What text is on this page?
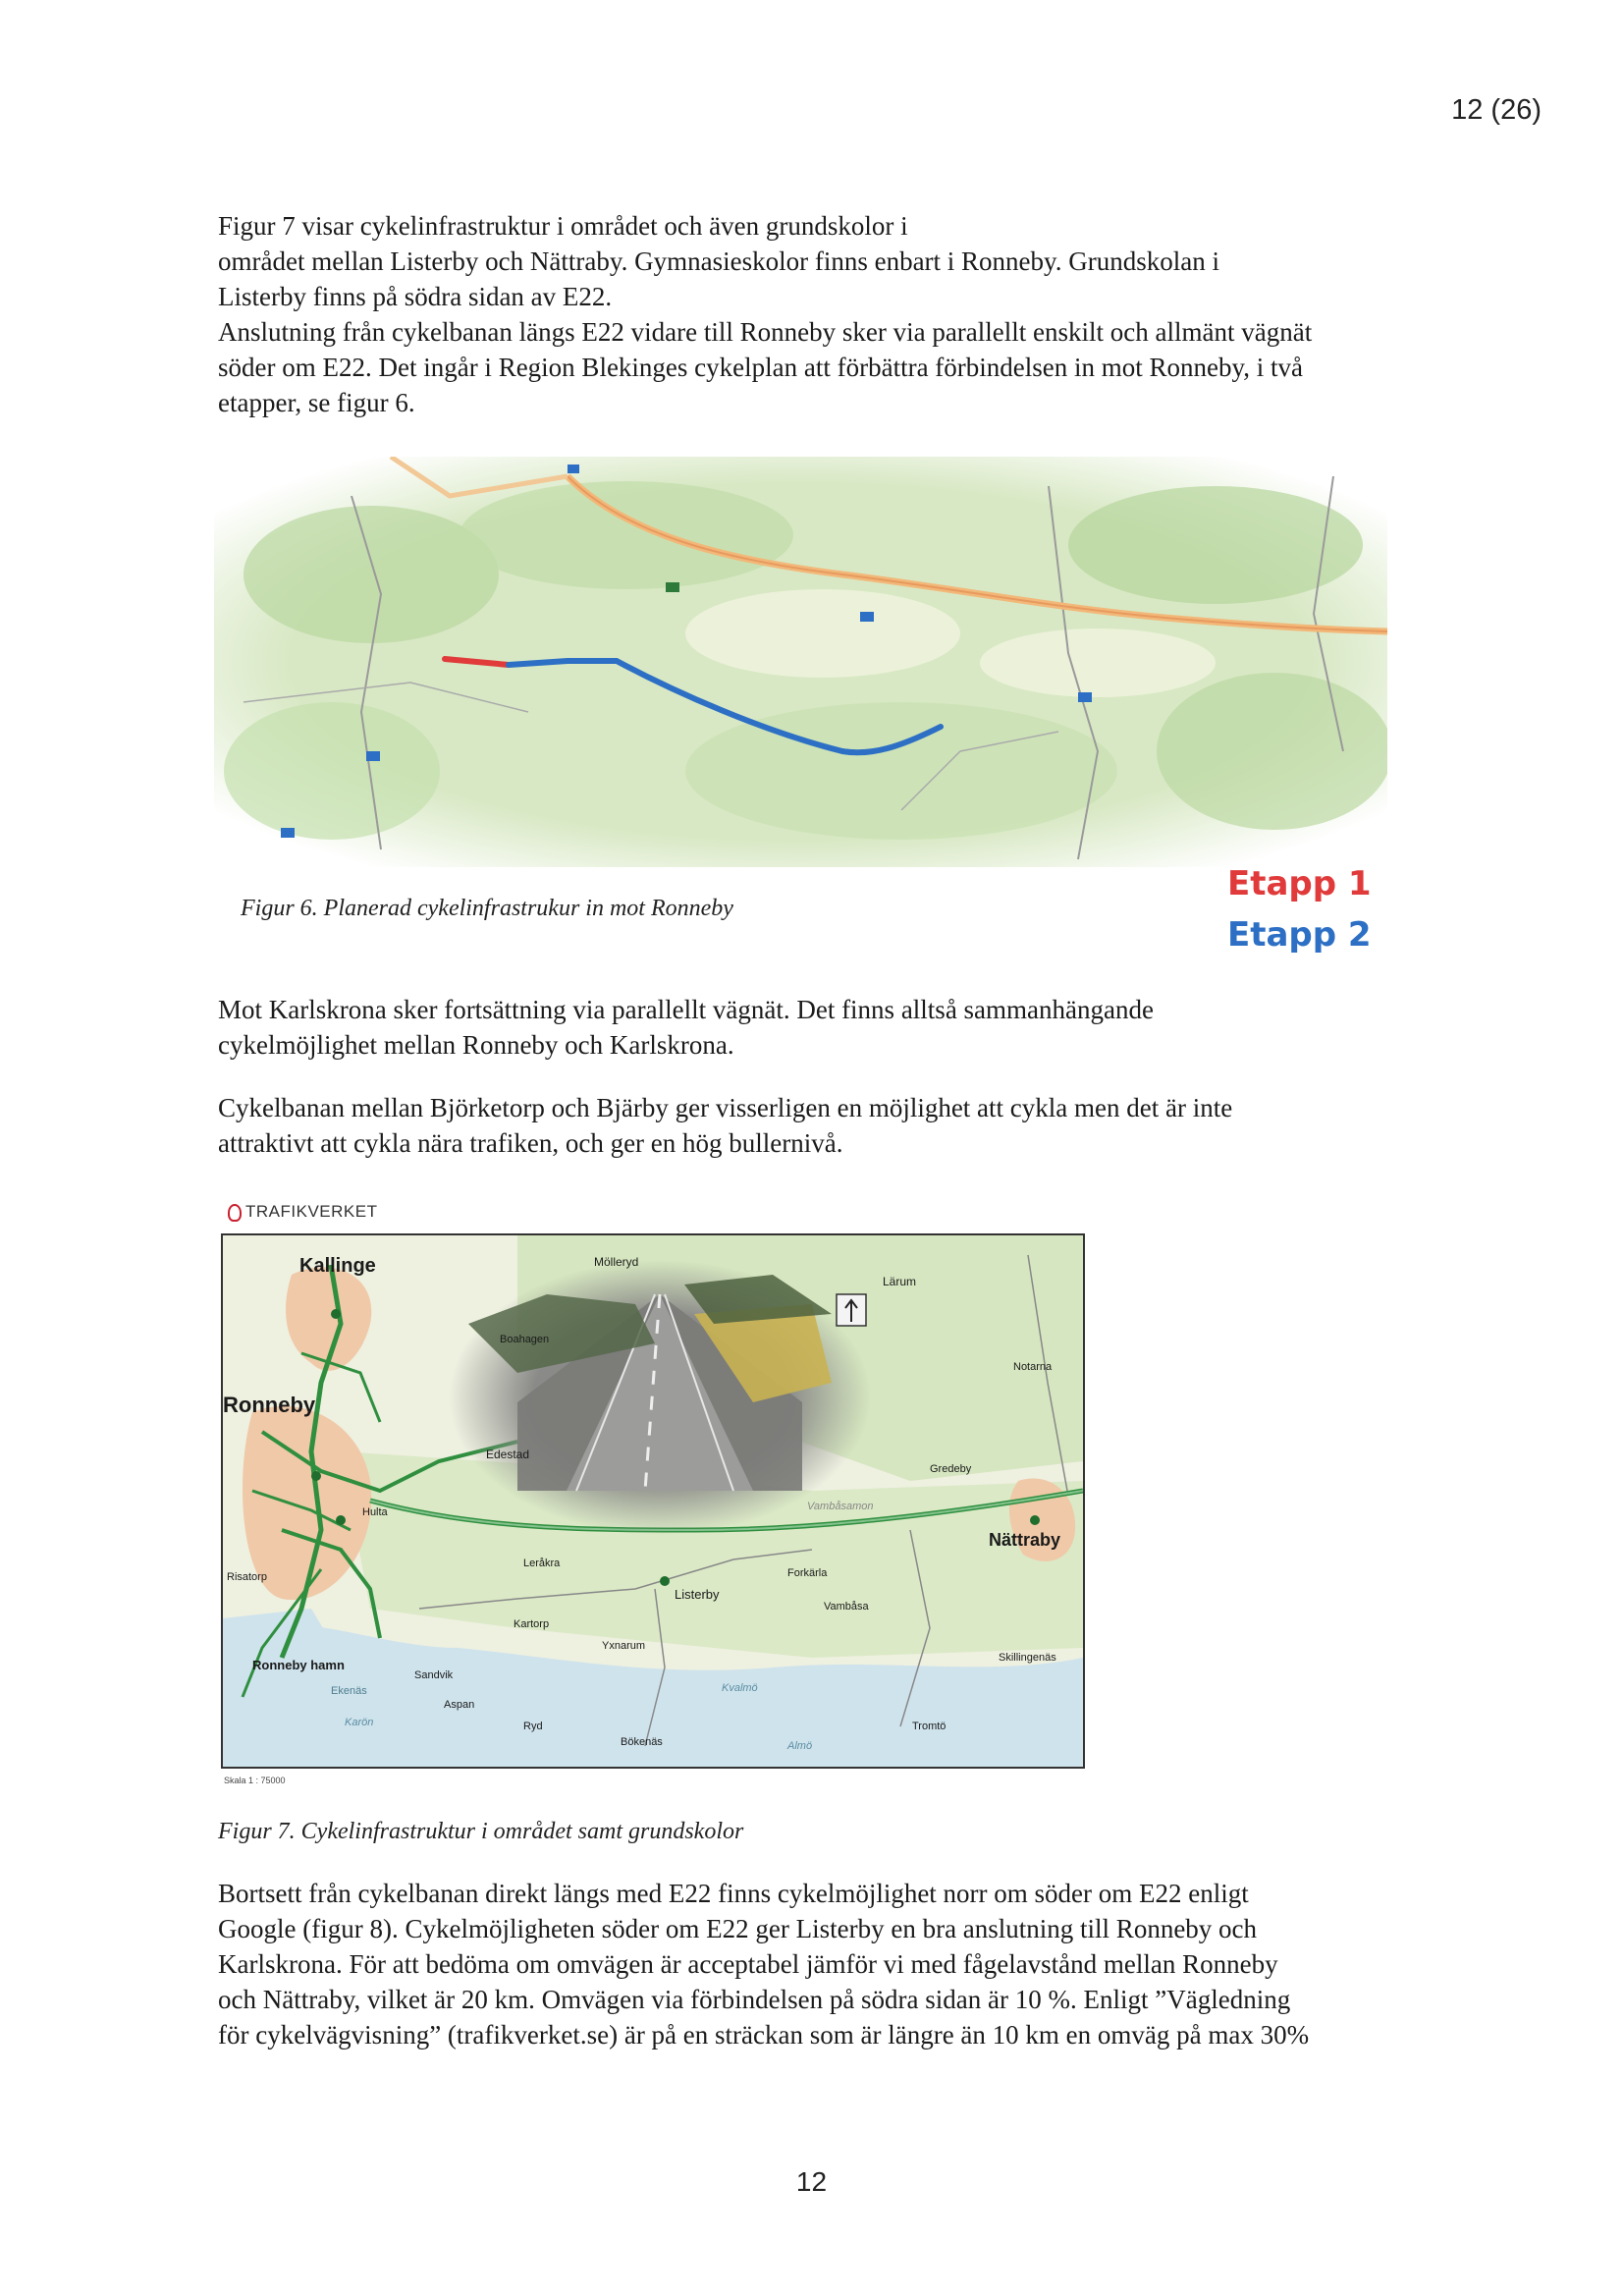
12 (26)
Figur 7 visar cykelinfrastruktur i området och även grundskolor i
området mellan Listerby och Nättraby. Gymnasieskolor finns enbart i Ronneby. Grundskolan i
Listerby finns på södra sidan av E22.
Anslutning från cykelbanan längs E22 vidare till Ronneby sker via parallellt enskilt och allmänt vägnät
söder om E22. Det ingår i Region Blekinges cykelplan att förbättra förbindelsen in mot Ronneby, i två
etapper, se figur 6.
Figur 6. Planerad cykelinfrastrukur in mot Ronneby
Etapp 1
Etapp 2
Mot Karlskrona sker fortsättning via parallellt vägnät. Det finns alltså sammanhängande
cykelmöjlighet mellan Ronneby och Karlskrona.
Cykelbanan mellan Björketorp och Bjärby ger visserligen en möjlighet att cykla men det är inte
attraktivt att cykla nära trafiken, och ger en hög bullernivå.
TRAFIKVERKET
Kallinge
Ronneby
Mölleryd
Boahagen
Lärum
Notarna
Edestad
Gredeby
Hulta
Nättraby
Risatorp
Leråkra
Forkärla
Listerby
Vambåsa
Kartorp
Yxnarum
Ronneby hamn
Sandvik
Skillingenäs
Ekenäs
Aspan
Kvalmö
Karön	Ryd	Tromtö
Bökenäs	Almö
Vambåsamon
Skala 1 : 75000
Figur 7. Cykelinfrastruktur i området samt grundskolor
Bortsett från cykelbanan direkt längs med E22 finns cykelmöjlighet norr om söder om E22 enligt
Google (figur 8). Cykelmöjligheten söder om E22 ger Listerby en bra anslutning till Ronneby och
Karlskrona. För att bedöma om omvägen är acceptabel jämför vi med fågelavstånd mellan Ronneby
och Nättraby, vilket är 20 km. Omvägen via förbindelsen på södra sidan är 10 %. Enligt ”Vägledning
för cykelvägvisning” (trafikverket.se) är på en sträckan som är längre än 10 km en omväg på max 30%
12
